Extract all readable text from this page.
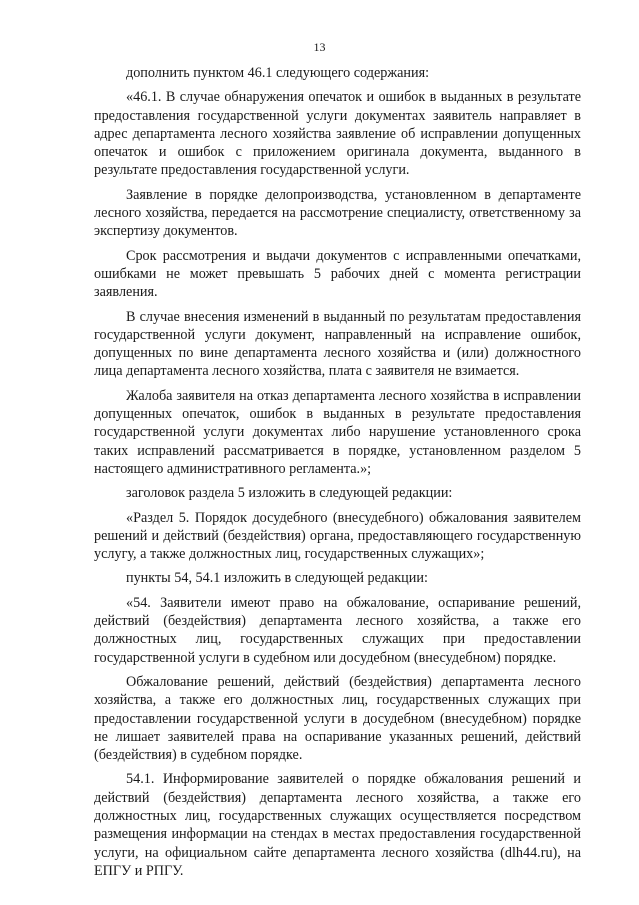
13

дополнить пунктом 46.1 следующего содержания:

«46.1. В случае обнаружения опечаток и ошибок в выданных в результате предоставления государственной услуги документах заявитель направляет в адрес департамента лесного хозяйства заявление об исправлении допущенных опечаток и ошибок с приложением оригинала документа, выданного в результате предоставления государственной услуги.

Заявление в порядке делопроизводства, установленном в департаменте лесного хозяйства, передается на рассмотрение специалисту, ответственному за экспертизу документов.

Срок рассмотрения и выдачи документов с исправленными опечатками, ошибками не может превышать 5 рабочих дней с момента регистрации заявления.

В случае внесения изменений в выданный по результатам предоставления государственной услуги документ, направленный на исправление ошибок, допущенных по вине департамента лесного хозяйства и (или) должностного лица департамента лесного хозяйства, плата с заявителя не взимается.

Жалоба заявителя на отказ департамента лесного хозяйства в исправлении допущенных опечаток, ошибок в выданных в результате предоставления государственной услуги документах либо нарушение установленного срока таких исправлений рассматривается в порядке, установленном разделом 5 настоящего административного регламента.»;

заголовок раздела 5 изложить в следующей редакции:

«Раздел 5. Порядок досудебного (внесудебного) обжалования заявителем решений и действий (бездействия) органа, предоставляющего государственную услугу, а также должностных лиц, государственных служащих»;

пункты 54, 54.1 изложить в следующей редакции:

«54. Заявители имеют право на обжалование, оспаривание решений, действий (бездействия) департамента лесного хозяйства, а также его должностных лиц, государственных служащих при предоставлении государственной услуги в судебном или досудебном (внесудебном) порядке.

Обжалование решений, действий (бездействия) департамента лесного хозяйства, а также его должностных лиц, государственных служащих при предоставлении государственной услуги в досудебном (внесудебном) порядке не лишает заявителей права на оспаривание указанных решений, действий (бездействия) в судебном порядке.

54.1. Информирование заявителей о порядке обжалования решений и действий (бездействия) департамента лесного хозяйства, а также его должностных лиц, государственных служащих осуществляется посредством размещения информации на стендах в местах предоставления государственной услуги, на официальном сайте департамента лесного хозяйства (dlh44.ru), на ЕПГУ и РПГУ.
